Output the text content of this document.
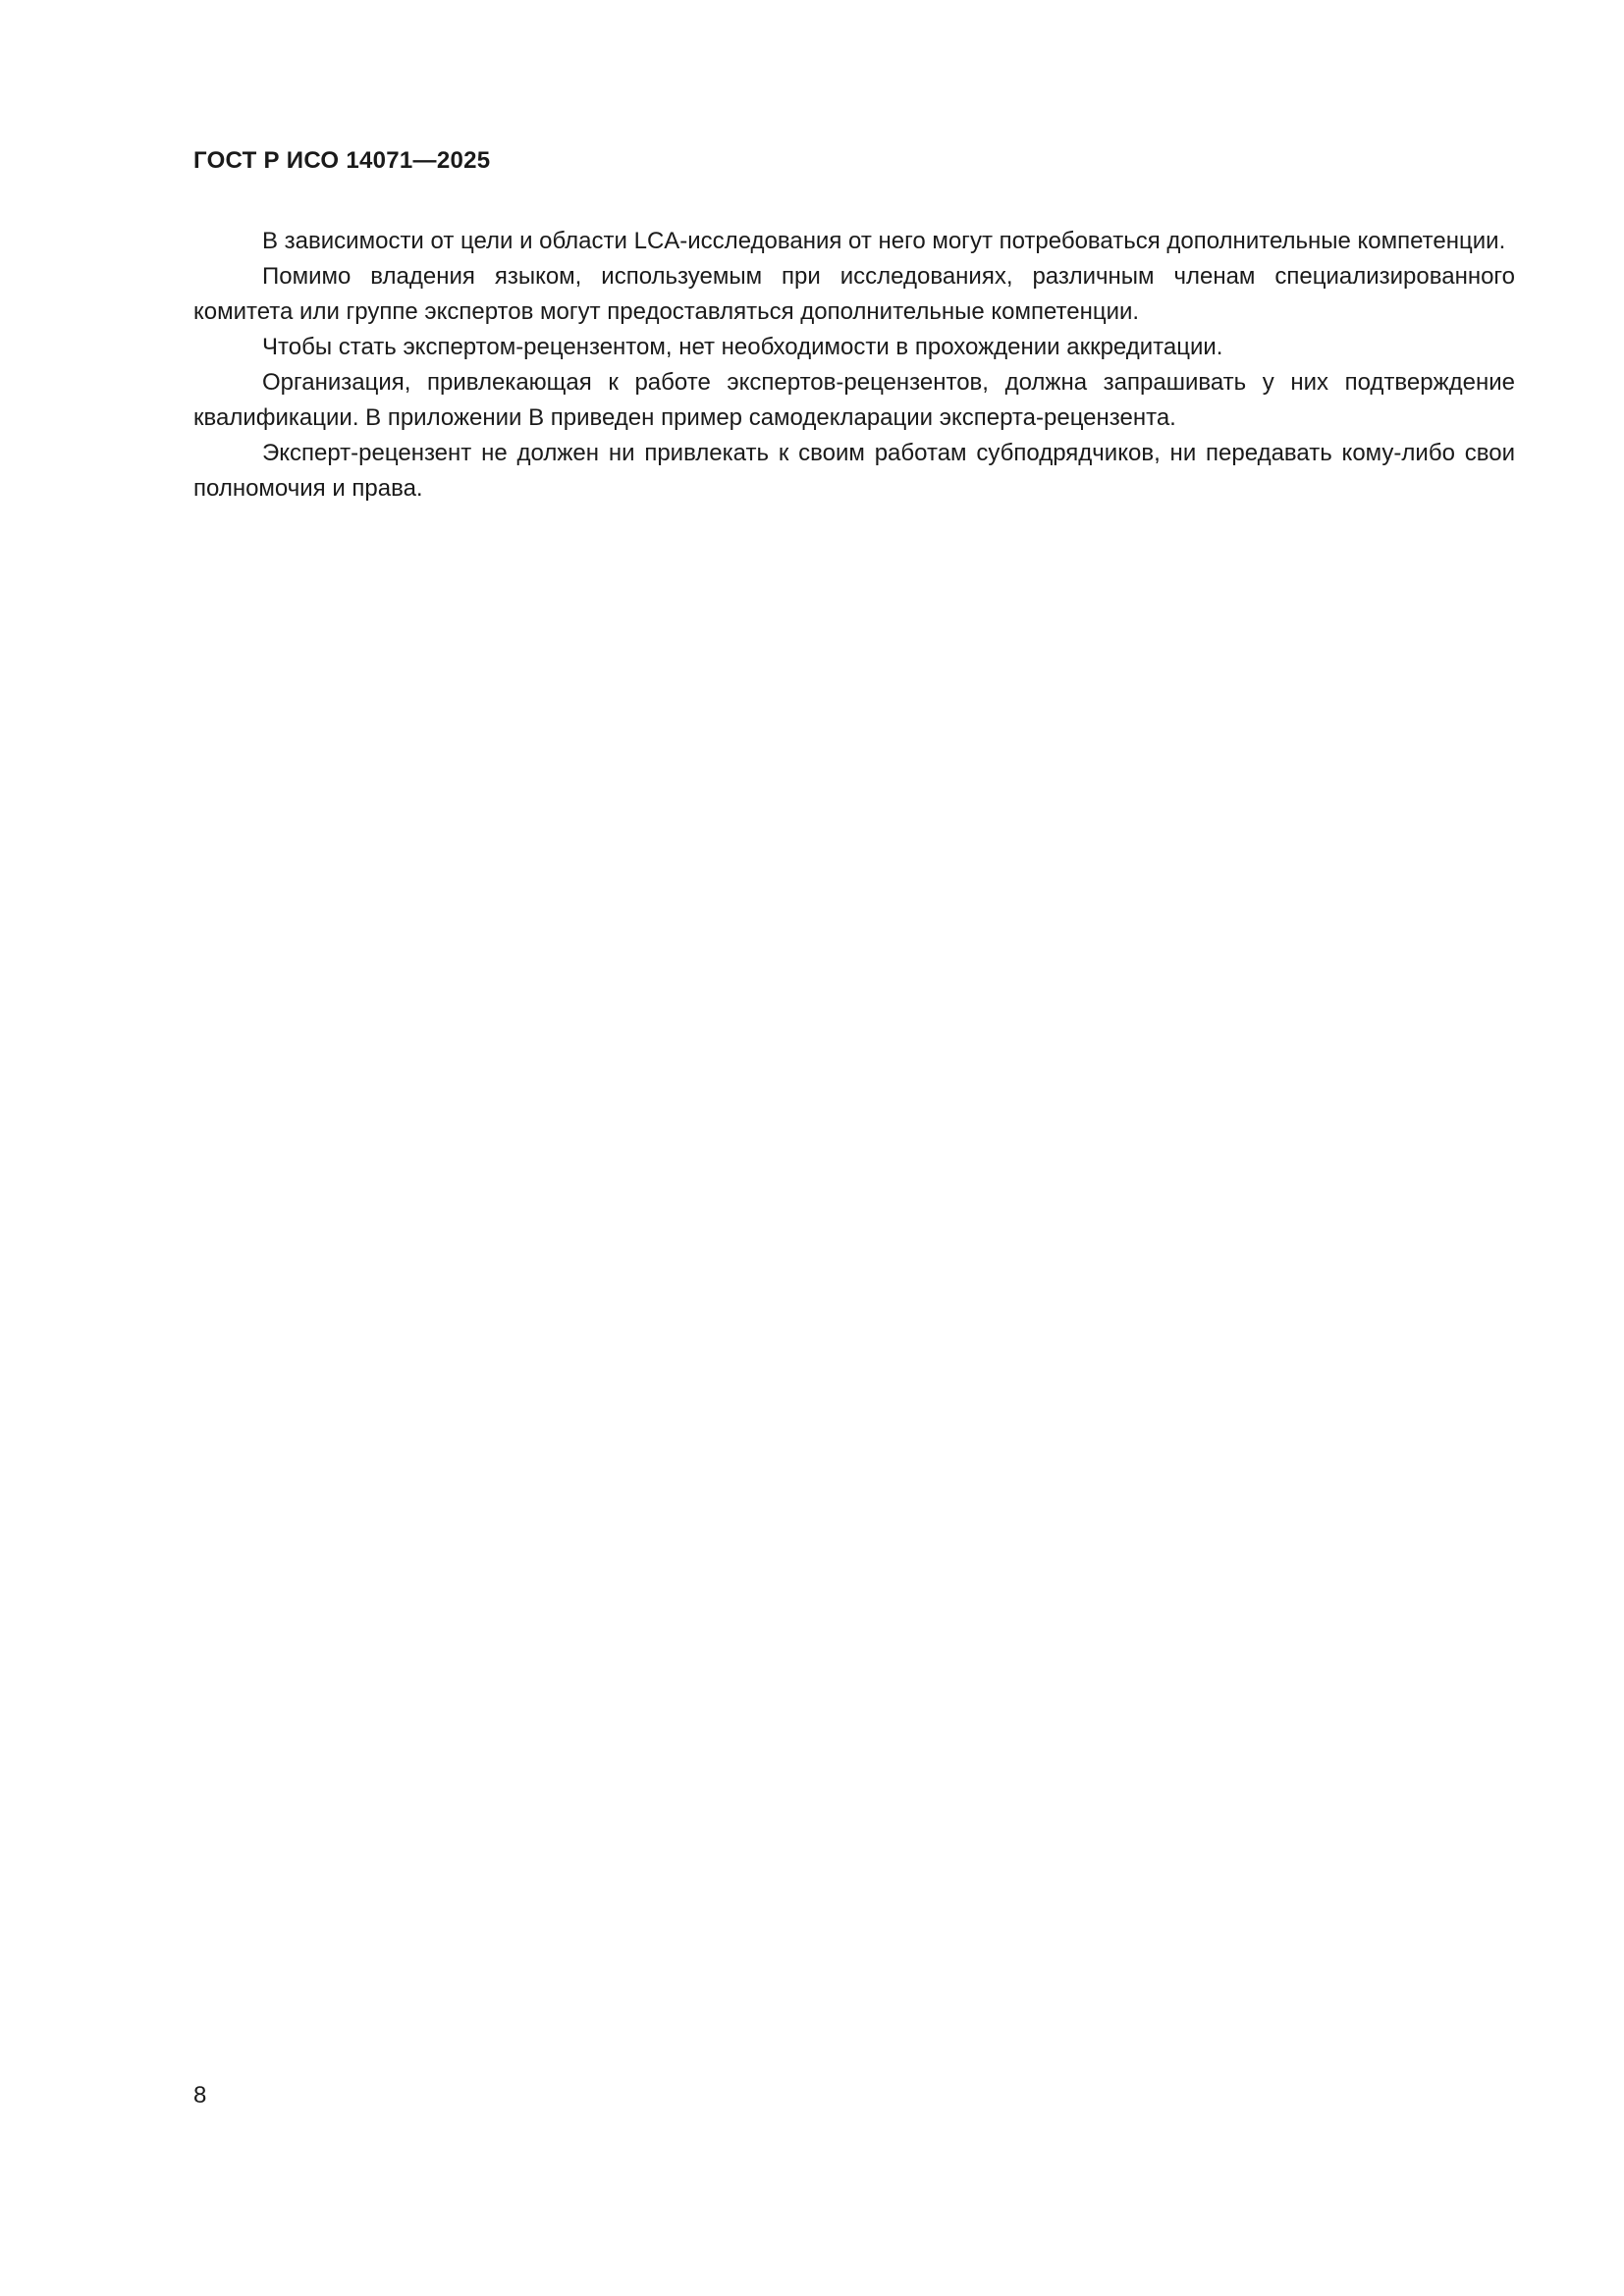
ГОСТ Р ИСО 14071—2025

В зависимости от цели и области LCA-исследования от него могут потребоваться дополнительные компетенции.

Помимо владения языком, используемым при исследованиях, различным членам специализированного комитета или группе экспертов могут предоставляться дополнительные компетенции.

Чтобы стать экспертом-рецензентом, нет необходимости в прохождении аккредитации.

Организация, привлекающая к работе экспертов-рецензентов, должна запрашивать у них подтверждение квалификации. В приложении В приведен пример самодекларации эксперта-рецензента.

Эксперт-рецензент не должен ни привлекать к своим работам субподрядчиков, ни передавать кому-либо свои полномочия и права.

8
